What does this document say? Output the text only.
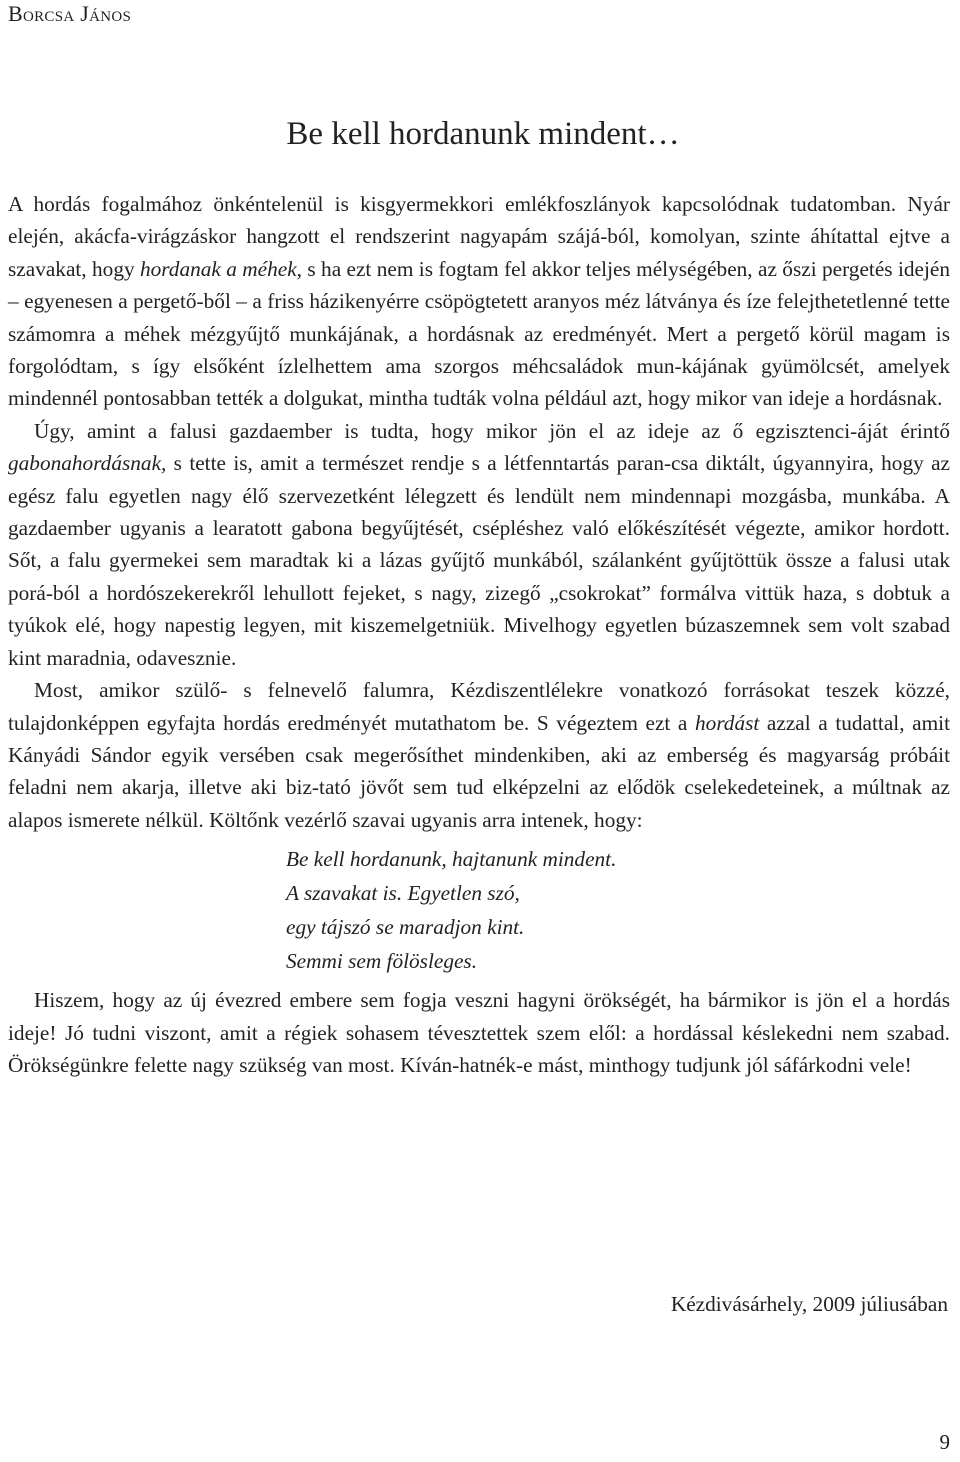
Borcsa János
Be kell hordanunk mindent…

A hordás fogalmához önkéntelenül is kisgyermekkori emlékfoszlányok kapcsolódnak tudatomban. Nyár elején, akácfa-virágzáskor hangzott el rendszerint nagyapám szájá-ból, komolyan, szinte áhítattal ejtve a szavakat, hogy hordanak a méhek, s ha ezt nem is fogtam fel akkor teljes mélységében, az őszi pergetés idején – egyenesen a pergető-ből – a friss házikenyérre csöpögtetett aranyos méz látványa és íze felejthetetlenné tette számomra a méhek mézgyűjtő munkájának, a hordásnak az eredményét. Mert a pergető körül magam is forgolódtam, s így elsőként ízlelhettem ama szorgos méhcsaládok mun-kájának gyümölcsét, amelyek mindennél pontosabban tették a dolgukat, mintha tudták volna például azt, hogy mikor van ideje a hordásnak.

Úgy, amint a falusi gazdaember is tudta, hogy mikor jön el az ideje az ő egzisztenci-áját érintő gabonahordásnak, s tette is, amit a természet rendje s a létfenntartás paran-csa diktált, úgyannyira, hogy az egész falu egyetlen nagy élő szervezetként lélegzett és lendült nem mindennapi mozgásba, munkába. A gazdaember ugyanis a learatott gabona begyűjtését, csépléshez való előkészítését végezte, amikor hordott. Sőt, a falu gyermekei sem maradtak ki a lázas gyűjtő munkából, szálanként gyűjtöttük össze a falusi utak porá-ból a hordószekerekről lehullott fejeket, s nagy, zizegő „csokrokat” formálva vittük haza, s dobtuk a tyúkok elé, hogy napestig legyen, mit kiszemelgetniük. Mivelhogy egyetlen búzaszemnek sem volt szabad kint maradnia, odavesznie.

Most, amikor szülő- s felnevelő falumra, Kézdiszentlélekre vonatkozó forrásokat teszek közzé, tulajdonképpen egyfajta hordás eredményét mutathatom be. S végeztem ezt a hordást azzal a tudattal, amit Kányádi Sándor egyik versében csak megerősíthet mindenkiben, aki az emberség és magyarság próbáit feladni nem akarja, illetve aki biz-tató jövőt sem tud elképzelni az elődök cselekedeteinek, a múltnak az alapos ismerete nélkül. Költőnk vezérlő szavai ugyanis arra intenek, hogy:

Be kell hordanunk, hajtanunk mindent.
A szavakat is. Egyetlen szó,
egy tájszó se maradjon kint.
Semmi sem fölösleges.

Hiszem, hogy az új évezred embere sem fogja veszni hagyni örökségét, ha bármikor is jön el a hordás ideje! Jó tudni viszont, amit a régiek sohasem tévesztettek szem elől: a hordással késlekedni nem szabad. Örökségünkre felette nagy szükség van most. Kíván-hatnék-e mást, minthogy tudjunk jól sáfárkodni vele!

Kézdivásárhely, 2009 júliusában
9
